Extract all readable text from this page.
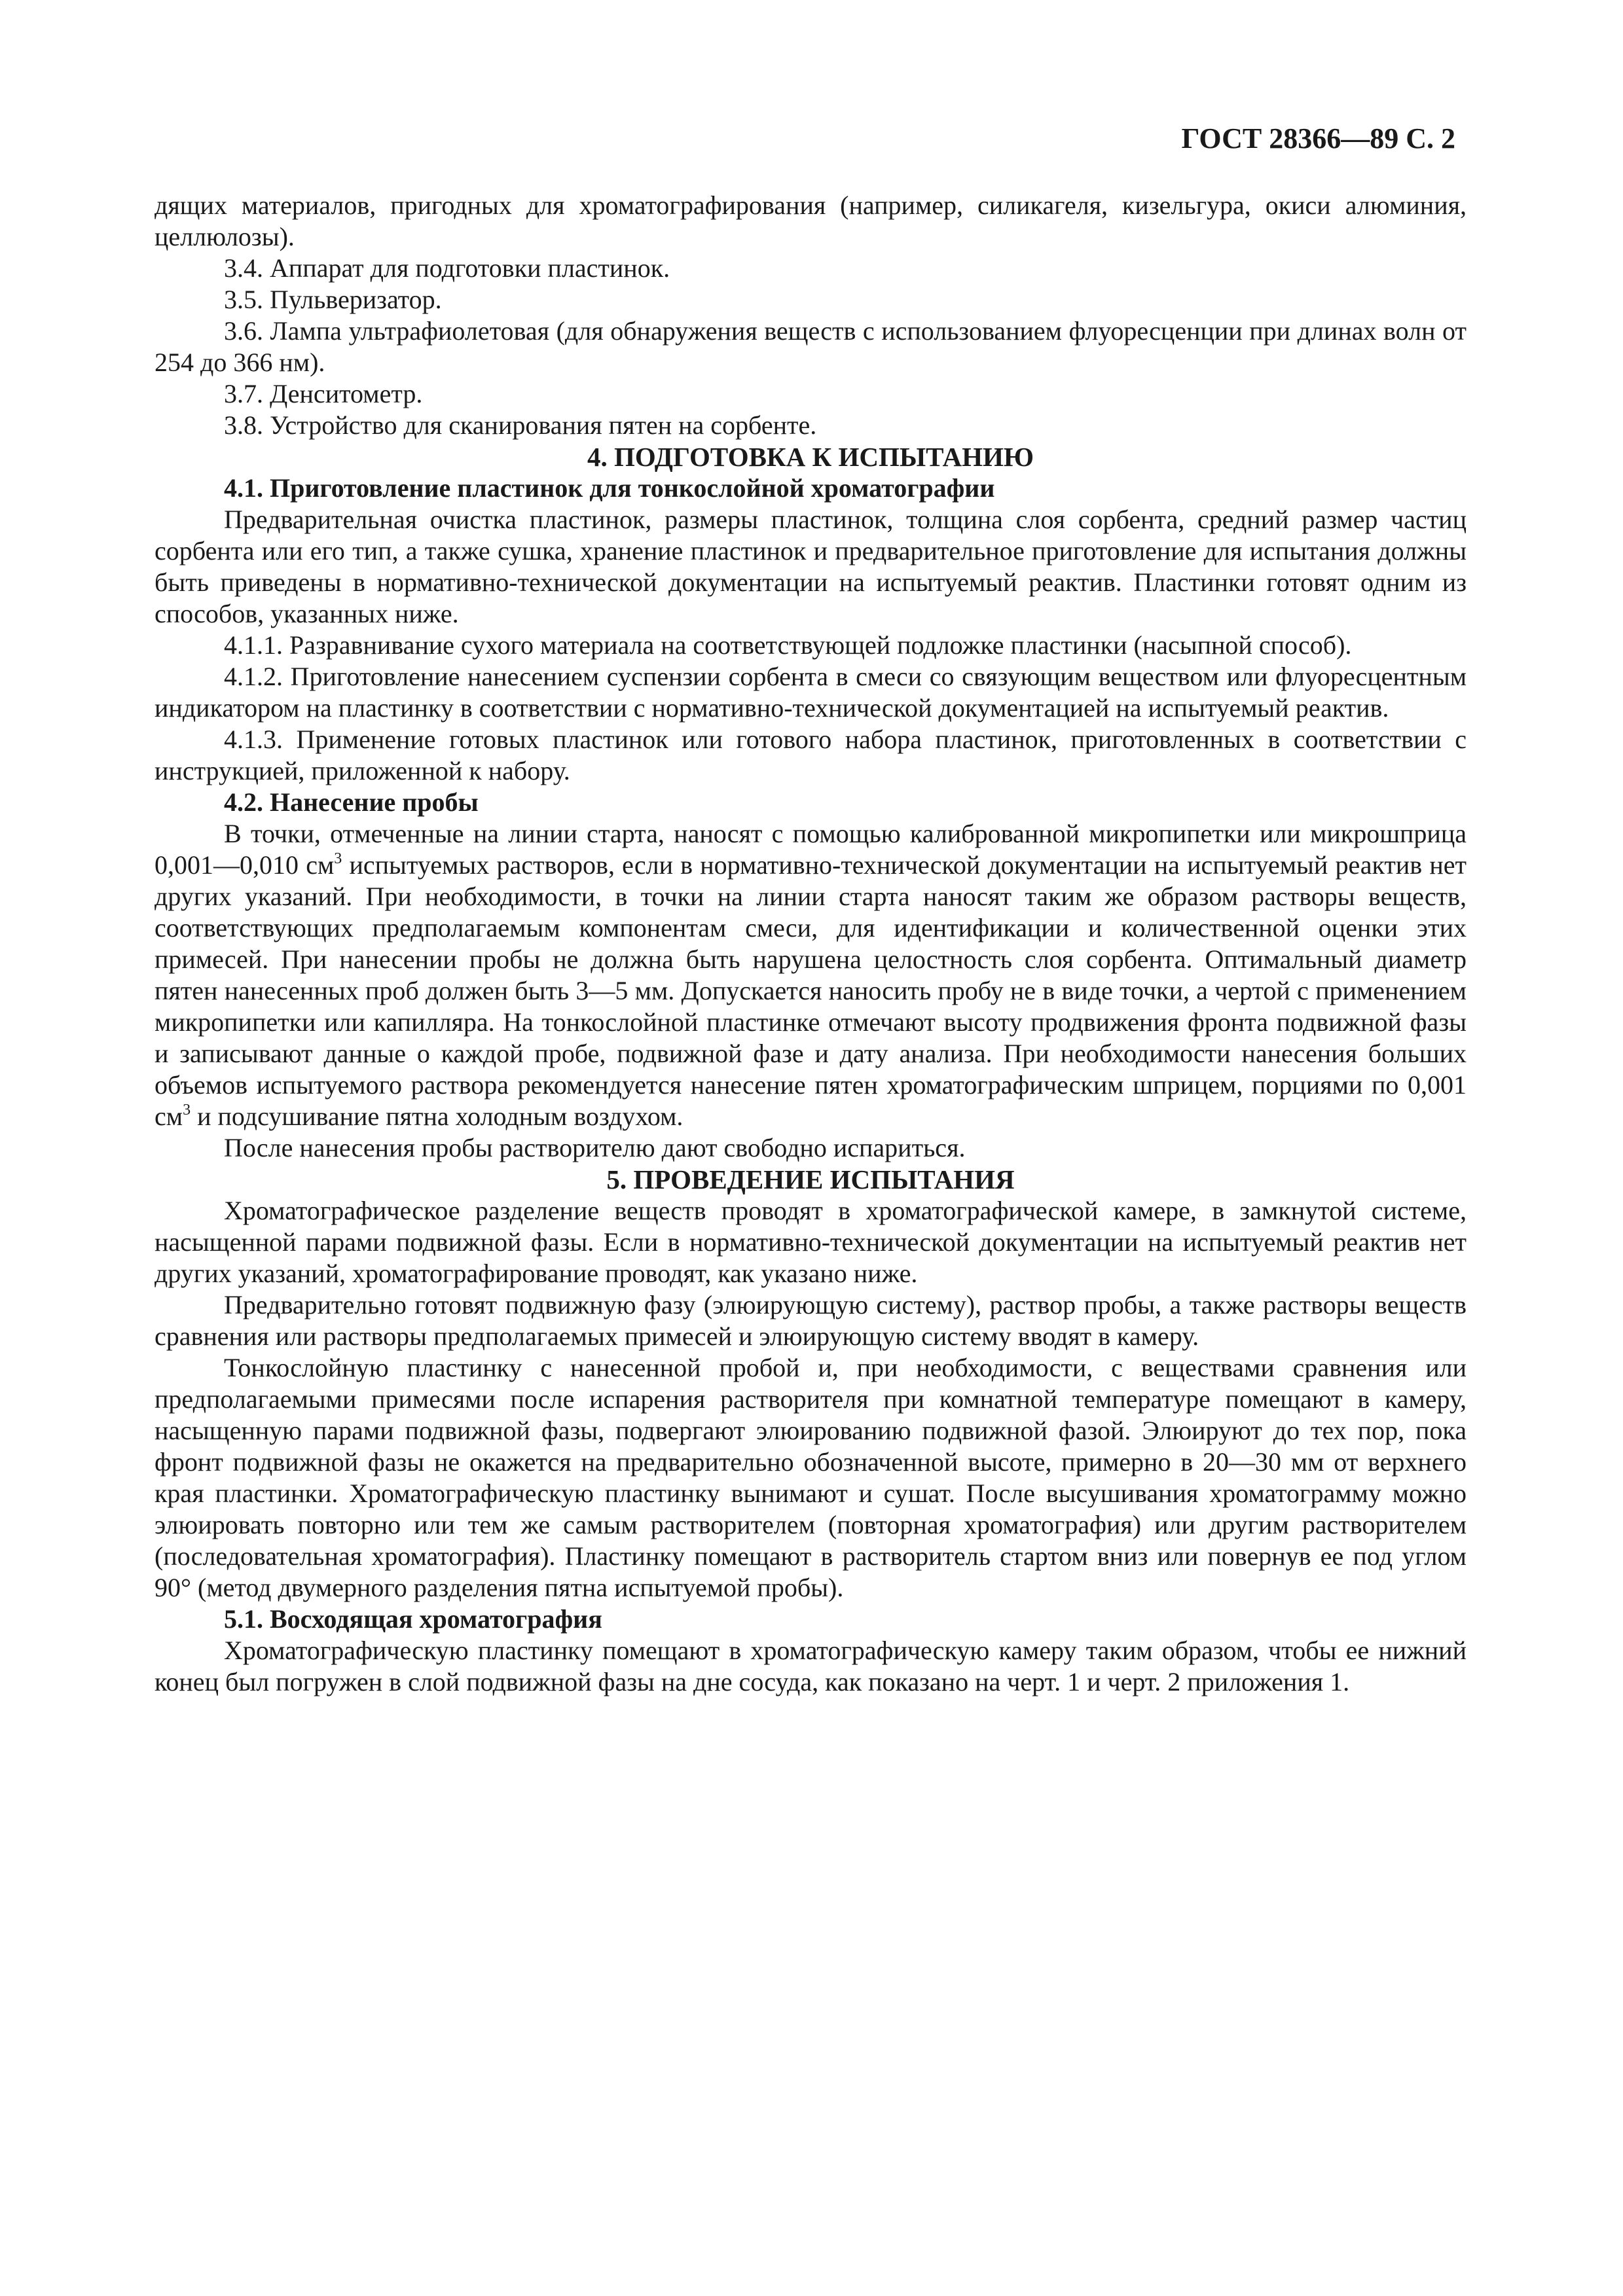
ГОСТ 28366—89 С. 2

дящих материалов, пригодных для хроматографирования (например, силикагеля, кизельгура, окиси алюминия, целлюлозы).

3.4. Аппарат для подготовки пластинок.

3.5. Пульверизатор.

3.6. Лампа ультрафиолетовая (для обнаружения веществ с использованием флуоресценции при длинах волн от 254 до 366 нм).

3.7. Денситометр.

3.8. Устройство для сканирования пятен на сорбенте.

4. ПОДГОТОВКА К ИСПЫТАНИЮ

4.1. Приготовление пластинок для тонкослойной хроматографии

Предварительная очистка пластинок, размеры пластинок, толщина слоя сорбента, средний размер частиц сорбента или его тип, а также сушка, хранение пластинок и предварительное приготовление для испытания должны быть приведены в нормативно-технической документации на испытуемый реактив. Пластинки готовят одним из способов, указанных ниже.

4.1.1. Разравнивание сухого материала на соответствующей подложке пластинки (насыпной способ).

4.1.2. Приготовление нанесением суспензии сорбента в смеси со связующим веществом или флуоресцентным индикатором на пластинку в соответствии с нормативно-технической документацией на испытуемый реактив.

4.1.3. Применение готовых пластинок или готового набора пластинок, приготовленных в соответствии с инструкцией, приложенной к набору.

4.2. Нанесение пробы

В точки, отмеченные на линии старта, наносят с помощью калиброванной микропипетки или микрошприца 0,001—0,010 $см^3$ испытуемых растворов, если в нормативно-технической документации на испытуемый реактив нет других указаний. При необходимости, в точки на линии старта наносят таким же образом растворы веществ, соответствующих предполагаемым компонентам смеси, для идентификации и количественной оценки этих примесей. При нанесении пробы не должна быть нарушена целостность слоя сорбента. Оптимальный диаметр пятен нанесенных проб должен быть 3—5 мм. Допускается наносить пробу не в виде точки, а чертой с применением микропипетки или капилляра. На тонкослойной пластинке отмечают высоту продвижения фронта подвижной фазы и записывают данные о каждой пробе, подвижной фазе и дату анализа. При необходимости нанесения больших объемов испытуемого раствора рекомендуется нанесение пятен хроматографическим шприцем, порциями по 0,001 $см^3$ и подсушивание пятна холодным воздухом.

После нанесения пробы растворителю дают свободно испариться.

5. ПРОВЕДЕНИЕ ИСПЫТАНИЯ

Хроматографическое разделение веществ проводят в хроматографической камере, в замкнутой системе, насыщенной парами подвижной фазы. Если в нормативно-технической документации на испытуемый реактив нет других указаний, хроматографирование проводят, как указано ниже.

Предварительно готовят подвижную фазу (элюирующую систему), раствор пробы, а также растворы веществ сравнения или растворы предполагаемых примесей и элюирующую систему вводят в камеру.

Тонкослойную пластинку с нанесенной пробой и, при необходимости, с веществами сравнения или предполагаемыми примесями после испарения растворителя при комнатной температуре помещают в камеру, насыщенную парами подвижной фазы, подвергают элюированию подвижной фазой. Элюируют до тех пор, пока фронт подвижной фазы не окажется на предварительно обозначенной высоте, примерно в 20—30 мм от верхнего края пластинки. Хроматографическую пластинку вынимают и сушат. После высушивания хроматограмму можно элюировать повторно или тем же самым растворителем (повторная хроматография) или другим растворителем (последовательная хроматография). Пластинку помещают в растворитель стартом вниз или повернув ее под углом 90° (метод двумерного разделения пятна испытуемой пробы).

5.1. Восходящая хроматография

Хроматографическую пластинку помещают в хроматографическую камеру таким образом, чтобы ее нижний конец был погружен в слой подвижной фазы на дне сосуда, как показано на черт. 1 и черт. 2 приложения 1.
